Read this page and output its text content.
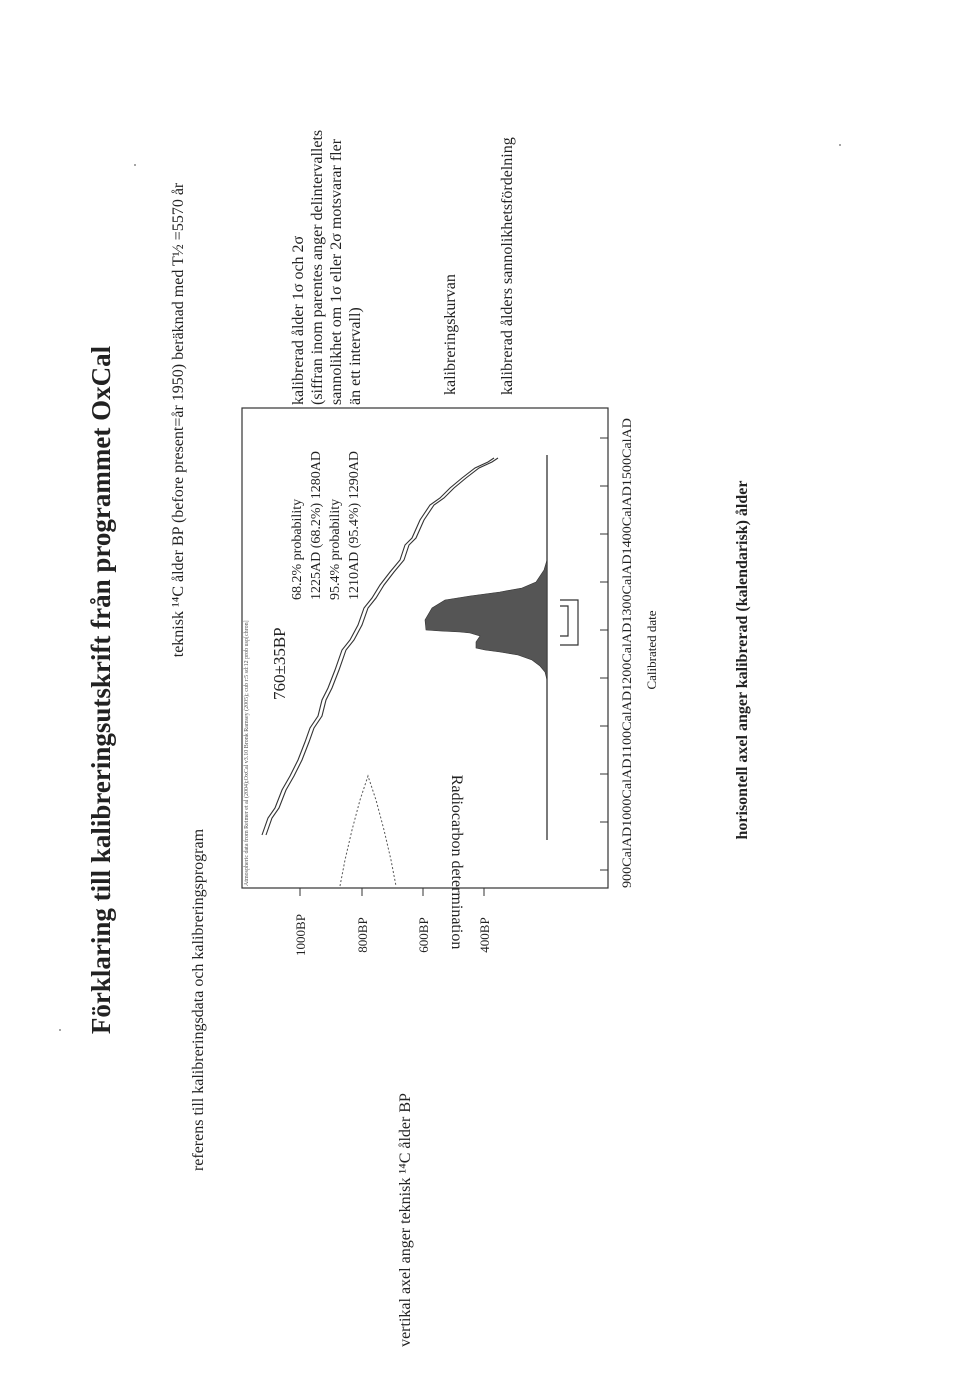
Förklaring till kalibreringsutskrift från programmet OxCal	referens till kalibreringsdata och kalibreringsprogram
teknisk ¹⁴C ålder BP (before present=år 1950) beräknad med T½ =5570 år
vertikal axel anger teknisk ¹⁴C ålder BP
horisontell axel anger kalibrerad (kalendarisk) ålder
kalibrerad ålder 1σ och 2σ (siffran inom parentes anger delintervallets sannolikhet om 1σ eller 2σ motsvarar fler än ett intervall)	kalibreringskurvan	kalibrerad ålders sannolikhetsfördelning
Radiocarbon determination
Atmospheric data from Reimer et al (2004);OxCal v3.10 Bronk Ramsey (2005); cub r:5 sd:12 prob usp[chron]
1000BP	800BP	600BP	400BP
900CalAD1000CalAD1100CalAD1200CalAD1300CalAD1400CalAD1500CalAD Calibrated date
760±35BP
68.2% probability 1225AD (68.2%) 1280AD 95.4% probability 1210AD (95.4%) 1290AD
